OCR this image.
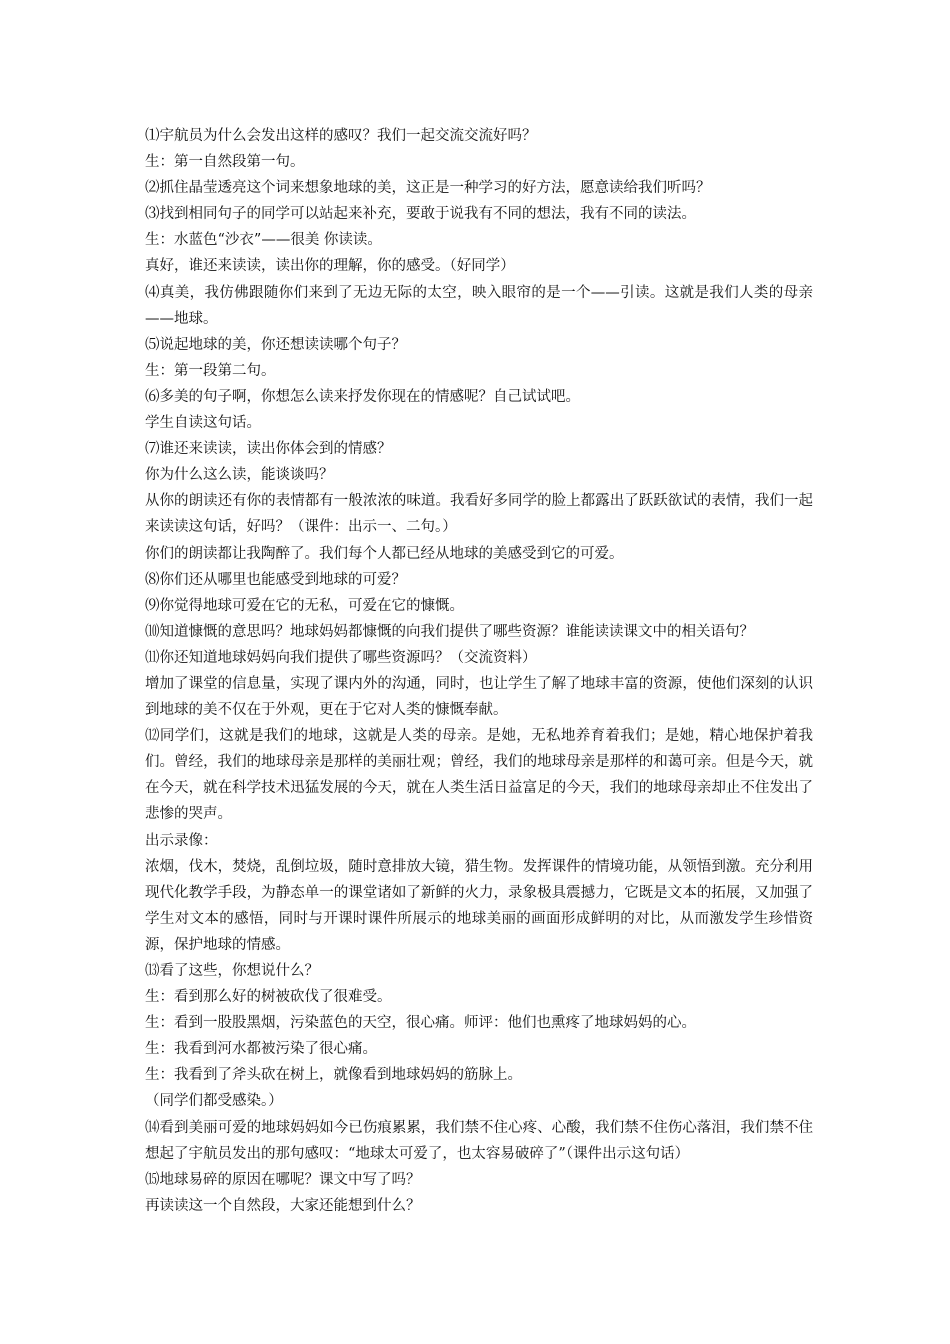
⑴宇航员为什么会发出这样的感叹？我们一起交流交流好吗？

生：第一自然段第一句。

⑵抓住晶莹透亮这个词来想象地球的美，这正是一种学习的好方法，愿意读给我们听吗？

⑶找到相同句子的同学可以站起来补充，要敢于说我有不同的想法，我有不同的读法。

生：水蓝色“沙衣”——很美 你读读。

真好，谁还来读读，读出你的理解，你的感受。（好同学）

⑷真美，我仿佛跟随你们来到了无边无际的太空，映入眼帘的是一个——引读。这就是我们人类的母亲——地球。

⑸说起地球的美，你还想读读哪个句子？

生：第一段第二句。

⑹多美的句子啊，你想怎么读来抒发你现在的情感呢？自己试试吧。

学生自读这句话。

⑺谁还来读读，读出你体会到的情感？

你为什么这么读，能谈谈吗？

从你的朗读还有你的表情都有一般浓浓的味道。我看好多同学的脸上都露出了跃跃欲试的表情，我们一起来读读这句话，好吗？（课件：出示一、二句。）

你们的朗读都让我陶醉了。我们每个人都已经从地球的美感受到它的可爱。

⑻你们还从哪里也能感受到地球的可爱？

⑼你觉得地球可爱在它的无私，可爱在它的慷慨。

⑽知道慷慨的意思吗？地球妈妈都慷慨的向我们提供了哪些资源？谁能读读课文中的相关语句？

⑾你还知道地球妈妈向我们提供了哪些资源吗？（交流资料）

增加了课堂的信息量，实现了课内外的沟通，同时，也让学生了解了地球丰富的资源，使他们深刻的认识到地球的美不仅在于外观，更在于它对人类的慷慨奉献。

⑿同学们，这就是我们的地球，这就是人类的母亲。是她，无私地养育着我们；是她，精心地保护着我们。曾经，我们的地球母亲是那样的美丽壮观；曾经，我们的地球母亲是那样的和蔼可亲。但是今天，就在今天，就在科学技术迅猛发展的今天，就在人类生活日益富足的今天，我们的地球母亲却止不住发出了悲惨的哭声。

出示录像：

浓烟，伐木，焚烧，乱倒垃圾，随时意排放大镜，猎生物。发挥课件的情境功能，从领悟到激。充分利用现代化教学手段，为静态单一的课堂诸如了新鲜的火力，录象极具震撼力，它既是文本的拓展，又加强了学生对文本的感悟，同时与开课时课件所展示的地球美丽的画面形成鲜明的对比，从而激发学生珍惜资源，保护地球的情感。

⒀看了这些，你想说什么？

生：看到那么好的树被砍伐了很难受。

生：看到一股股黑烟，污染蓝色的天空，很心痛。师评：他们也熏疼了地球妈妈的心。

生：我看到河水都被污染了很心痛。

生：我看到了斧头砍在树上，就像看到地球妈妈的筋脉上。

（同学们都受感染。）

⒁看到美丽可爱的地球妈妈如今已伤痕累累，我们禁不住心疼、心酸，我们禁不住伤心落泪，我们禁不住想起了宇航员发出的那句感叹：“地球太可爱了，也太容易破碎了”（课件出示这句话）

⒂地球易碎的原因在哪呢？课文中写了吗？

再读读这一个自然段，大家还能想到什么？
